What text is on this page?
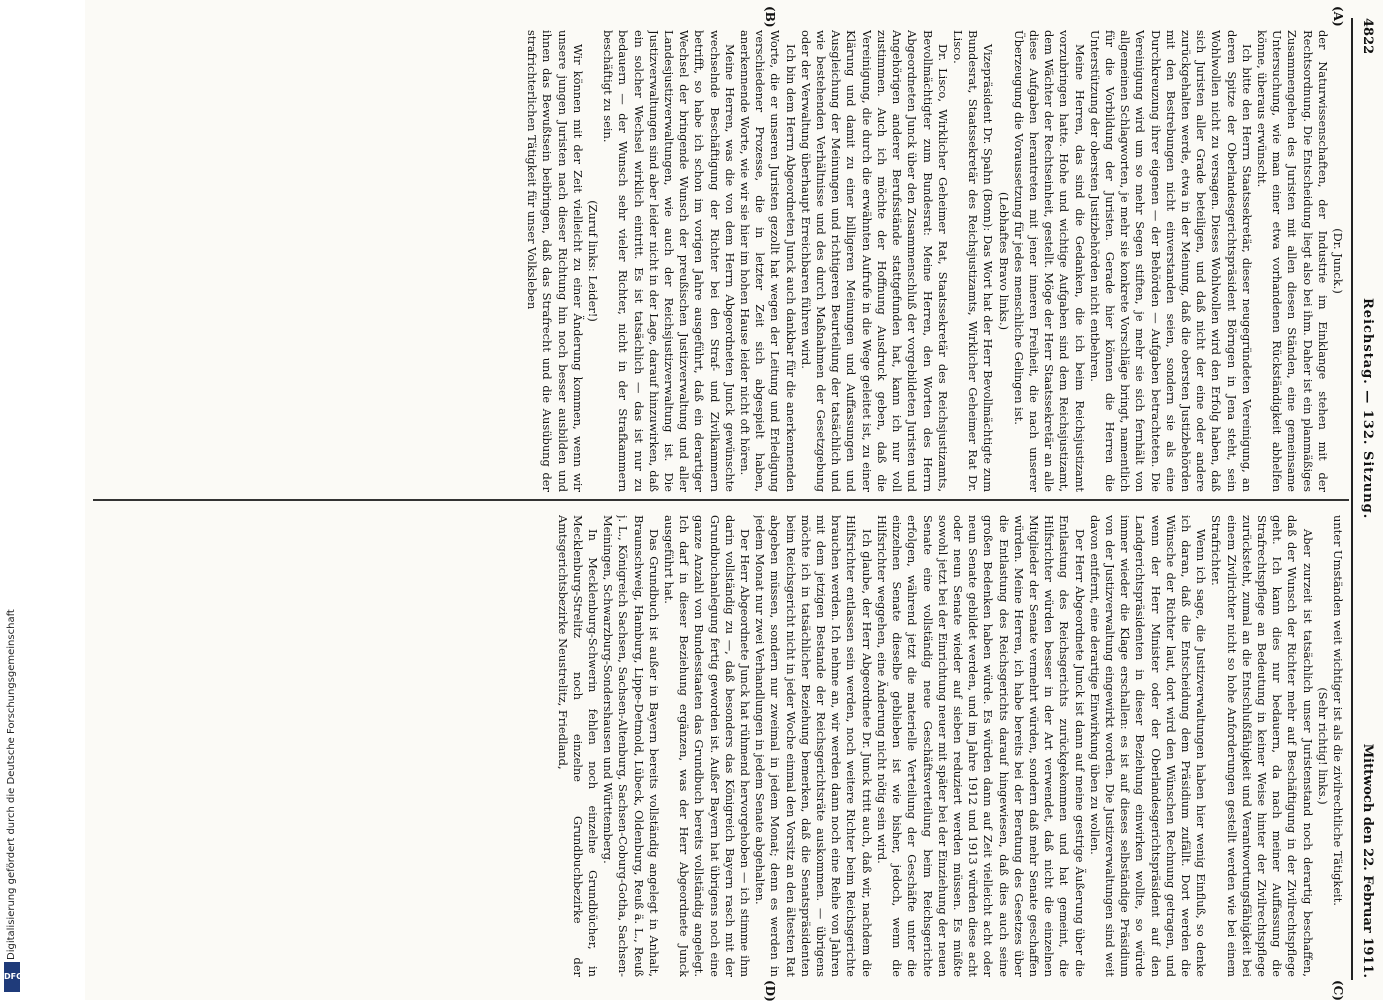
4822
Reichstag. — 132. Sitzung.
Mittwoch den 22. Februar 1911.
(A)
(B)
(C)
(D)

(Dr. Junck.)

der Naturwissenschaften, der Industrie im Einklange stehen mit der Rechtsordnung. Die Entscheidung liegt also bei ihm. Daher ist ein planmäßiges Zusammengehen des Juristen mit allen diesen Ständen, eine gemeinsame Untersuchung, wie man einer etwa vorhandenen Rückständigkeit abhelfen könne, überaus erwünscht.

Ich bitte den Herrn Staatssekretär, dieser neugegründeten Vereinigung, an deren Spitze der Oberlandesgerichtspräsident Börngen in Jena steht, sein Wohlwollen nicht zu versagen. Dieses Wohlwollen wird den Erfolg haben, daß sich Juristen aller Grade beteiligen, und daß nicht der eine oder andere zurückgehalten werde, etwa in der Meinung, daß die obersten Justizbehörden mit den Bestrebungen nicht einverstanden seien, sondern sie als eine Durchkreuzung ihrer eigenen — der Behörden — Aufgaben betrachteten. Die Vereinigung wird um so mehr Segen stiften, je mehr sie sich fernhält von allgemeinen Schlagworten, je mehr sie konkrete Vorschläge bringt, namentlich für die Vorbildung der Juristen. Gerade hier können die Herren die Unterstützung der obersten Justizbehörden nicht entbehren.

Meine Herren, das sind die Gedanken, die ich beim Reichsjustizamt vorzubringen hatte. Hohe und wichtige Aufgaben sind dem Reichsjustizamt, dem Wächter der Rechtseinheit, gestellt. Möge der Herr Staatssekretär an alle diese Aufgaben herantreten mit jener inneren Freiheit, die nach unserer Überzeugung die Voraussetzung für jedes menschliche Gelingen ist.

(Lebhaftes Bravo links.)

Vizepräsident Dr. Spahn (Bonn): Das Wort hat der Herr Bevollmächtigte zum Bundesrat, Staatssekretär des Reichsjustizamts, Wirklicher Geheimer Rat Dr. Lisco.

Dr. Lisco, Wirklicher Geheimer Rat, Staatssekretär des Reichsjustizamts, Bevollmächtigter zum Bundesrat: Meine Herren, den Worten des Herrn Abgeordneten Junck über den Zusammenschluß der vorgebildeten Juristen und Angehörigen anderer Berufsstände stattgefunden hat, kann ich nur voll zustimmen. Auch ich möchte der Hoffnung Ausdruck geben, daß die Vereinigung, die durch die erwähnten Aufrufe in die Wege geleitet ist, zu einer Klärung und damit zu einer billigeren Meinungen und Auffassungen und Ausgleichung der Meinungen und richtigeren Beurteilung der tatsächlich und wie bestehenden Verhältnisse und des durch Maßnahmen der Gesetzgebung oder der Verwaltung überhaupt Erreichbaren führen wird.

Ich bin dem Herrn Abgeordneten Junck auch dankbar für die anerkennenden Worte, die er unseren Juristen gezollt hat wegen der Leitung und Erledigung verschiedener Prozesse, die in letzter Zeit sich abgespielt haben, anerkennende Worte, wie wir sie hier im hohen Hause leider nicht oft hören.

Meine Herren, was die von dem Herrn Abgeordneten Junck gewünschte wechselnde Beschäftigung der Richter bei den Straf- und Zivilkammern betrifft, so habe ich schon im vorigen Jahre ausgeführt, daß ein derartiger Wechsel der bringende Wunsch der preußischen Justizverwaltung und aller Landesjustizverwaltungen, wie auch der Reichsjustizverwaltung ist. Die Justizverwaltungen sind aber leider nicht in der Lage, darauf hinzuwirken, daß ein solcher Wechsel wirklich eintritt. Es ist tatsächlich — das ist nur zu bedauern — der Wunsch sehr vieler Richter, nicht in der Strafkammern beschäftigt zu sein.

(Zuruf links: Leider!)

Wir können mit der Zeit vielleicht zu einer Änderung kommen, wenn wir unsere jungen Juristen nach dieser Richtung hin noch besser ausbilden und ihnen das Bewußtsein beibringen, daß das Strafrecht und die Ausübung der strafrichterlichen Tätigkeit für unser Volksleben

unter Umständen weit wichtiger ist als die zivilrechtliche Tätigkeit.

(Sehr richtig! links.)

Aber zurzeit ist tatsächlich unser Juristenstand noch derartig beschaffen, daß der Wunsch der Richter mehr auf Beschäftigung in der Zivilrechtspflege geht. Ich kann dies nur bedauern, da nach meiner Auffassung die Strafrechtspflege an Bedeutung in keiner Weise hinter der Zivilrechtspflege zurücksteht, zumal an die Entschlußfähigkeit und Verantwortungsfähigkeit bei einem Zivilrichter nicht so hohe Anforderungen gestellt werden wie bei einem Strafrichter.

Wenn ich sage, die Justizverwaltungen haben hier wenig Einfluß, so denke ich daran, daß die Entscheidung dem Präsidium zufällt. Dort werden die Wünsche der Richter laut, dort wird den Wünschen Rechnung getragen, und wenn der Herr Minister oder der Oberlandesgerichtspräsident auf den Landgerichtspräsidenten in dieser Beziehung einwirken wollte, so würde immer wieder die Klage erschallen: es ist auf dieses selbständige Präsidium von der Justizverwaltung eingewirkt worden. Die Justizverwaltungen sind weit davon entfernt, eine derartige Einwirkung üben zu wollen.

Der Herr Abgeordnete Junck ist dann auf meine gestrige Äußerung über die Entlastung des Reichsgerichts zurückgekommen und hat gemeint, die Hilfsrichter würden besser in der Art verwendet, daß nicht die einzelnen Mitglieder der Senate vermehrt würden, sondern daß mehr Senate geschaffen würden. Meine Herren, ich habe bereits bei der Beratung des Gesetzes über die Entlastung des Reichsgerichts darauf hingewiesen, daß dies auch seine großen Bedenken haben würde. Es würden dann auf Zeit vielleicht acht oder neun Senate gebildet werden, und im Jahre 1912 und 1913 würden diese acht oder neun Senate wieder auf sieben reduziert werden müssen. Es müßte sowohl jetzt bei der Einrichtung neuer mit später bei der Einziehung der neuen Senate eine vollständig neue Geschäftsverteilung beim Reichsgerichte erfolgen, während jetzt die materielle Verteilung der Geschäfte unter die einzelnen Senate dieselbe geblieben ist wie bisher, jedoch, wenn die Hilfsrichter weggehen, eine Änderung nicht nötig sein wird.

Ich glaube, der Herr Abgeordnete Dr. Junck tritt auch, daß wir, nachdem die Hilfsrichter entlassen sein werden, noch weitere Richter beim Reichsgerichte brauchen werden. Ich nehme an, wir werden dann noch eine Reihe von Jahren mit dem jetzigen Bestande der Reichsgerichtsräte auskommen. — übrigens möchte ich in tatsächlicher Beziehung bemerken, daß die Senatspräsidenten beim Reichsgericht nicht in jeder Woche einmal den Vorsitz an den ältesten Rat abgeben müssen, sondern nur zweimal in jedem Monat; denn es werden in jedem Monat nur zwei Verhandlungen in jedem Senate abgehalten.

Der Herr Abgeordnete Junck hat rühmend hervorgehoben — ich stimme ihm darin vollständig zu —, daß besonders das Königreich Bayern rasch mit der Grundbuchanlegung fertig geworden ist. Außer Bayern hat übrigens noch eine ganze Anzahl von Bundesstaaten das Grundbuch bereits vollständig angelegt. Ich darf in dieser Beziehung ergänzen, was der Herr Abgeordnete Junck ausgeführt hat.

Das Grundbuch ist außer in Bayern bereits vollständig angelegt in Anhalt, Braunschweig, Hamburg, Lippe-Detmold, Lübeck, Oldenburg, Reuß ä. L., Reuß j. L., Königreich Sachsen, Sachsen-Altenburg, Sachsen-Coburg-Gotha, Sachsen-Meiningen, Schwarzburg-Sondershausen und Württemberg.

In Mecklenburg-Schwerin fehlen noch einzelne Grundbücher, in Mecklenburg-Strelitz noch einzelne Grundbuchbezirke der Amtsgerichtsbezirke Neustrelitz, Friedland,

Digitalisierung gefördert durch die Deutsche Forschungsgemeinschaft
DFG
